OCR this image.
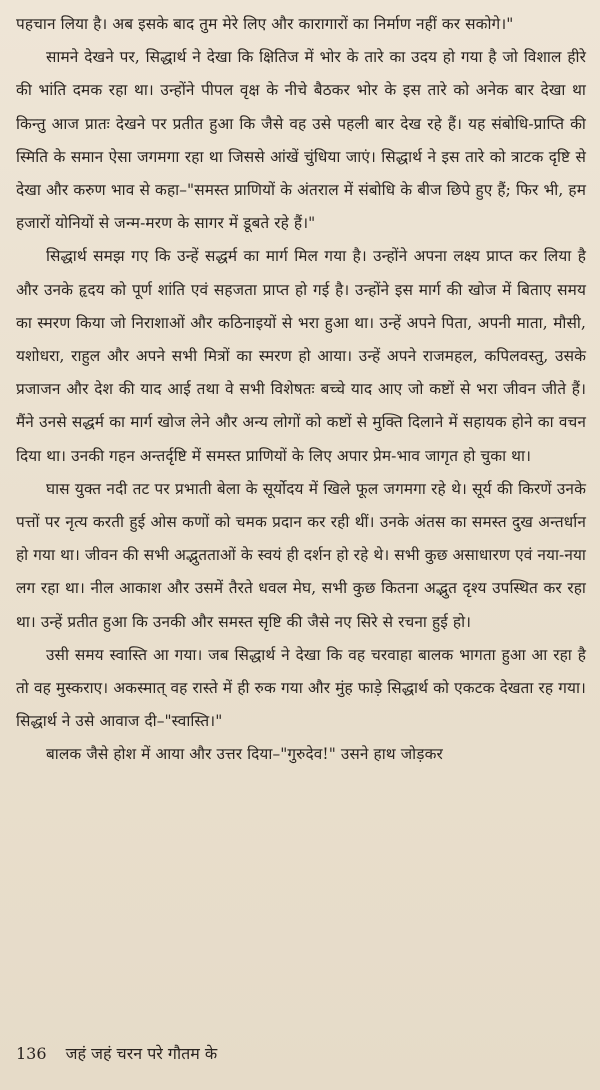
पहचान लिया है। अब इसके बाद तुम मेरे लिए और कारागारों का निर्माण नहीं कर सकोगे।"

सामने देखने पर, सिद्धार्थ ने देखा कि क्षितिज में भोर के तारे का उदय हो गया है जो विशाल हीरे की भांति दमक रहा था। उन्होंने पीपल वृक्ष के नीचे बैठकर भोर के इस तारे को अनेक बार देखा था किन्तु आज प्रातः देखने पर प्रतीत हुआ कि जैसे वह उसे पहली बार देख रहे हैं। यह संबोधि-प्राप्ति की स्मिति के समान ऐसा जगमगा रहा था जिससे आंखें चुंधिया जाएं। सिद्धार्थ ने इस तारे को त्राटक दृष्टि से देखा और करुण भाव से कहा–"समस्त प्राणियों के अंतराल में संबोधि के बीज छिपे हुए हैं; फिर भी, हम हजारों योनियों से जन्म-मरण के सागर में डूबते रहे हैं।"

सिद्धार्थ समझ गए कि उन्हें सद्धर्म का मार्ग मिल गया है। उन्होंने अपना लक्ष्य प्राप्त कर लिया है और उनके हृदय को पूर्ण शांति एवं सहजता प्राप्त हो गई है। उन्होंने इस मार्ग की खोज में बिताए समय का स्मरण किया जो निराशाओं और कठिनाइयों से भरा हुआ था। उन्हें अपने पिता, अपनी माता, मौसी, यशोधरा, राहुल और अपने सभी मित्रों का स्मरण हो आया। उन्हें अपने राजमहल, कपिलवस्तु, उसके प्रजाजन और देश की याद आई तथा वे सभी विशेषतः बच्चे याद आए जो कष्टों से भरा जीवन जीते हैं। मैंने उनसे सद्धर्म का मार्ग खोज लेने और अन्य लोगों को कष्टों से मुक्ति दिलाने में सहायक होने का वचन दिया था। उनकी गहन अन्तर्दृष्टि में समस्त प्राणियों के लिए अपार प्रेम-भाव जागृत हो चुका था।

घास युक्त नदी तट पर प्रभाती बेला के सूर्योदय में खिले फूल जगमगा रहे थे। सूर्य की किरणें उनके पत्तों पर नृत्य करती हुई ओस कणों को चमक प्रदान कर रही थीं। उनके अंतस का समस्त दुख अन्तर्धान हो गया था। जीवन की सभी अद्भुतताओं के स्वयं ही दर्शन हो रहे थे। सभी कुछ असाधारण एवं नया-नया लग रहा था। नील आकाश और उसमें तैरते धवल मेघ, सभी कुछ कितना अद्भुत दृश्य उपस्थित कर रहा था। उन्हें प्रतीत हुआ कि उनकी और समस्त सृष्टि की जैसे नए सिरे से रचना हुई हो।

उसी समय स्वास्ति आ गया। जब सिद्धार्थ ने देखा कि वह चरवाहा बालक भागता हुआ आ रहा है तो वह मुस्कराए। अकस्मात् वह रास्ते में ही रुक गया और मुंह फाड़े सिद्धार्थ को एकटक देखता रह गया। सिद्धार्थ ने उसे आवाज दी–"स्वास्ति।"

बालक जैसे होश में आया और उत्तर दिया–"गुरुदेव!" उसने हाथ जोड़कर

136 जहं जहं चरन परे गौतम के
